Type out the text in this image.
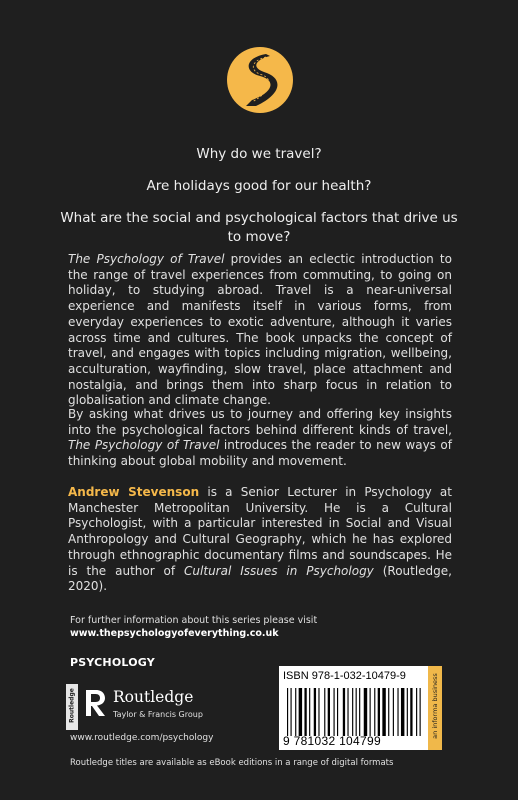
Why do we travel?

Are holidays good for our health?

What are the social and psychological factors that drive us to move?

The Psychology of Travel provides an eclectic introduction to the range of travel experiences from commuting, to going on holiday, to studying abroad. Travel is a near-universal experience and manifests itself in various forms, from everyday experiences to exotic adventure, although it varies across time and cultures. The book unpacks the concept of travel, and engages with topics including migration, wellbeing, acculturation, wayfinding, slow travel, place attachment and nostalgia, and brings them into sharp focus in relation to globalisation and climate change.
By asking what drives us to journey and offering key insights into the psychological factors behind different kinds of travel, The Psychology of Travel introduces the reader to new ways of thinking about global mobility and movement.
Andrew Stevenson is a Senior Lecturer in Psychology at Manchester Metropolitan University. He is a Cultural Psychologist, with a particular interested in Social and Visual Anthropology and Cultural Geography, which he has explored through ethnographic documentary films and soundscapes. He is the author of Cultural Issues in Psychology (Routledge, 2020).
For further information about this series please visit
www.thepsychologyofeverything.co.uk
PSYCHOLOGY
Routledge Routledge
Taylor & Francis Group
www.routledge.com/psychology
Routledge titles are available as eBook editions in a range of digital formats
ISBN 978-1-032-10479-9
9 781032 104799
an informa business
